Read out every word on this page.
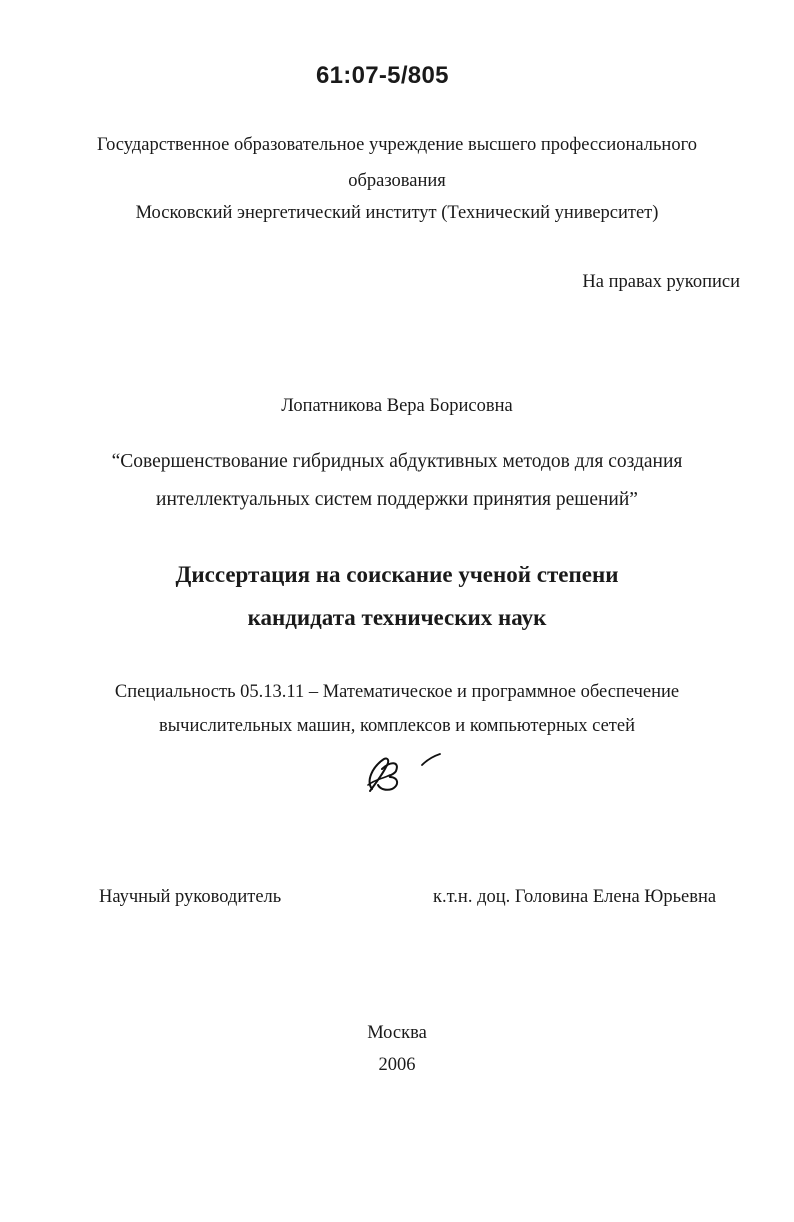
61:07-5/805
Государственное образовательное учреждение высшего профессионального
образования
Московский энергетический институт (Технический университет)
На правах рукописи
Лопатникова Вера Борисовна
“Совершенствование гибридных абдуктивных методов для создания
интеллектуальных систем поддержки принятия решений”
Диссертация на соискание ученой степени
кандидата технических наук
Специальность 05.13.11 – Математическое и программное обеспечение
вычислительных машин, комплексов и компьютерных сетей
Научный руководитель	к.т.н. доц. Головина Елена Юрьевна
Москва
2006
